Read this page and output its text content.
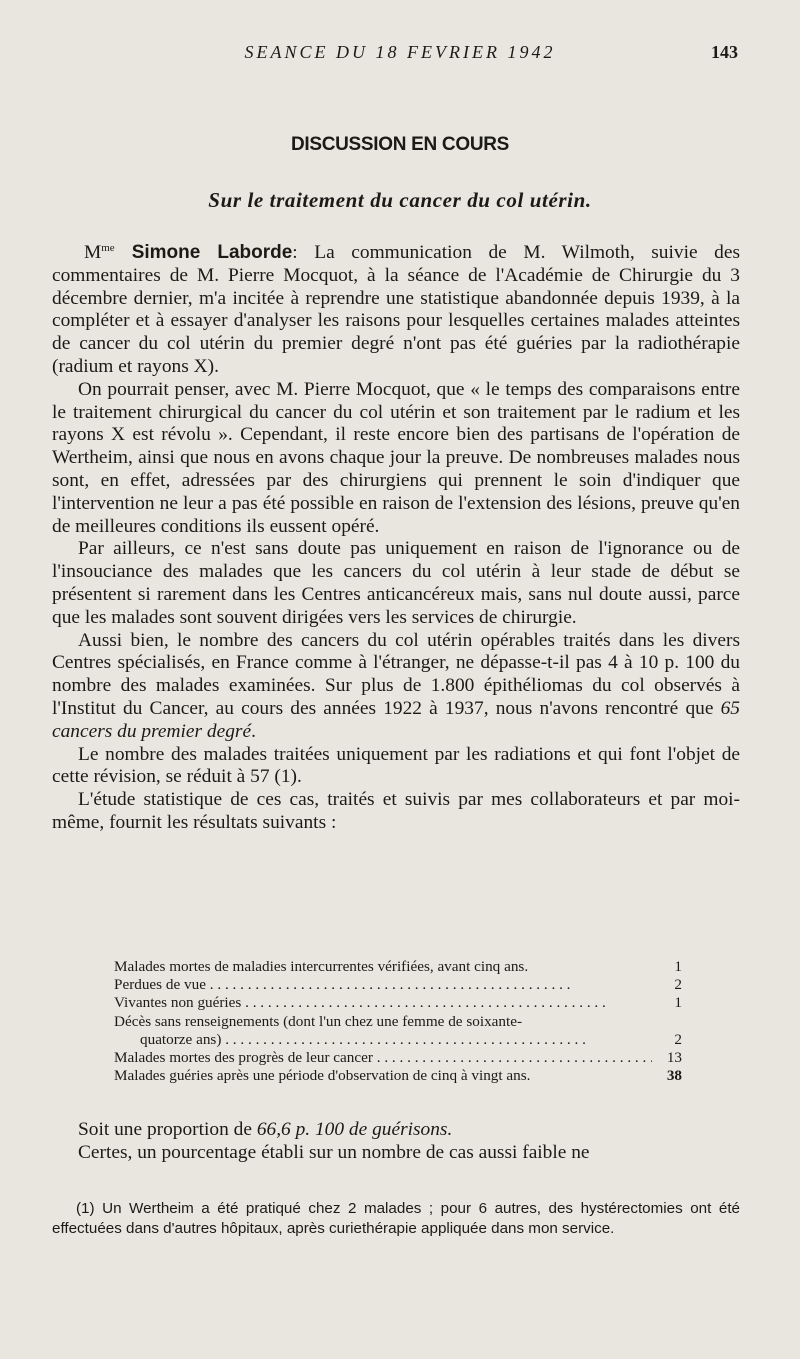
SEANCE DU 18 FEVRIER 1942	143
DISCUSSION EN COURS
Sur le traitement du cancer du col utérin.

$M^{me}$ Simone Laborde: La communication de M. Wilmoth, suivie des commentaires de M. Pierre Mocquot, à la séance de l'Académie de Chirurgie du 3 décembre dernier, m'a incitée à reprendre une statistique abandonnée depuis 1939, à la compléter et à essayer d'analyser les raisons pour lesquelles certaines malades atteintes de cancer du col utérin du premier degré n'ont pas été guéries par la radiothérapie (radium et rayons X).

On pourrait penser, avec M. Pierre Mocquot, que « le temps des comparaisons entre le traitement chirurgical du cancer du col utérin et son traitement par le radium et les rayons X est révolu ». Cependant, il reste encore bien des partisans de l'opération de Wertheim, ainsi que nous en avons chaque jour la preuve. De nombreuses malades nous sont, en effet, adressées par des chirurgiens qui prennent le soin d'indiquer que l'intervention ne leur a pas été possible en raison de l'extension des lésions, preuve qu'en de meilleures conditions ils eussent opéré.

Par ailleurs, ce n'est sans doute pas uniquement en raison de l'ignorance ou de l'insouciance des malades que les cancers du col utérin à leur stade de début se présentent si rarement dans les Centres anticancéreux mais, sans nul doute aussi, parce que les malades sont souvent dirigées vers les services de chirurgie.

Aussi bien, le nombre des cancers du col utérin opérables traités dans les divers Centres spécialisés, en France comme à l'étranger, ne dépasse-t-il pas 4 à 10 p. 100 du nombre des malades examinées. Sur plus de 1.800 épithéliomas du col observés à l'Institut du Cancer, au cours des années 1922 à 1937, nous n'avons rencontré que 65 cancers du premier degré.

Le nombre des malades traitées uniquement par les radiations et qui font l'objet de cette révision, se réduit à 57 (1).

L'étude statistique de ces cas, traités et suivis par mes collaborateurs et par moi-même, fournit les résultats suivants :

Malades mortes de maladies intercurrentes vérifiées, avant cinq ans.	1
Perdues de vue . . .	2
Vivantes non guéries . . .	1
Décès sans renseignements (dont l'un chez une femme de soixante-
quatorze ans) . . .	2
Malades mortes des progrès de leur cancer . . .	13
Malades guéries après une période d'observation de cinq à vingt ans.	38

Soit une proportion de 66,6 p. 100 de guérisons.

Certes, un pourcentage établi sur un nombre de cas aussi faible ne

(1) Un Wertheim a été pratiqué chez 2 malades ; pour 6 autres, des hystérectomies ont été effectuées dans d'autres hôpitaux, après curiethérapie appliquée dans mon service.
